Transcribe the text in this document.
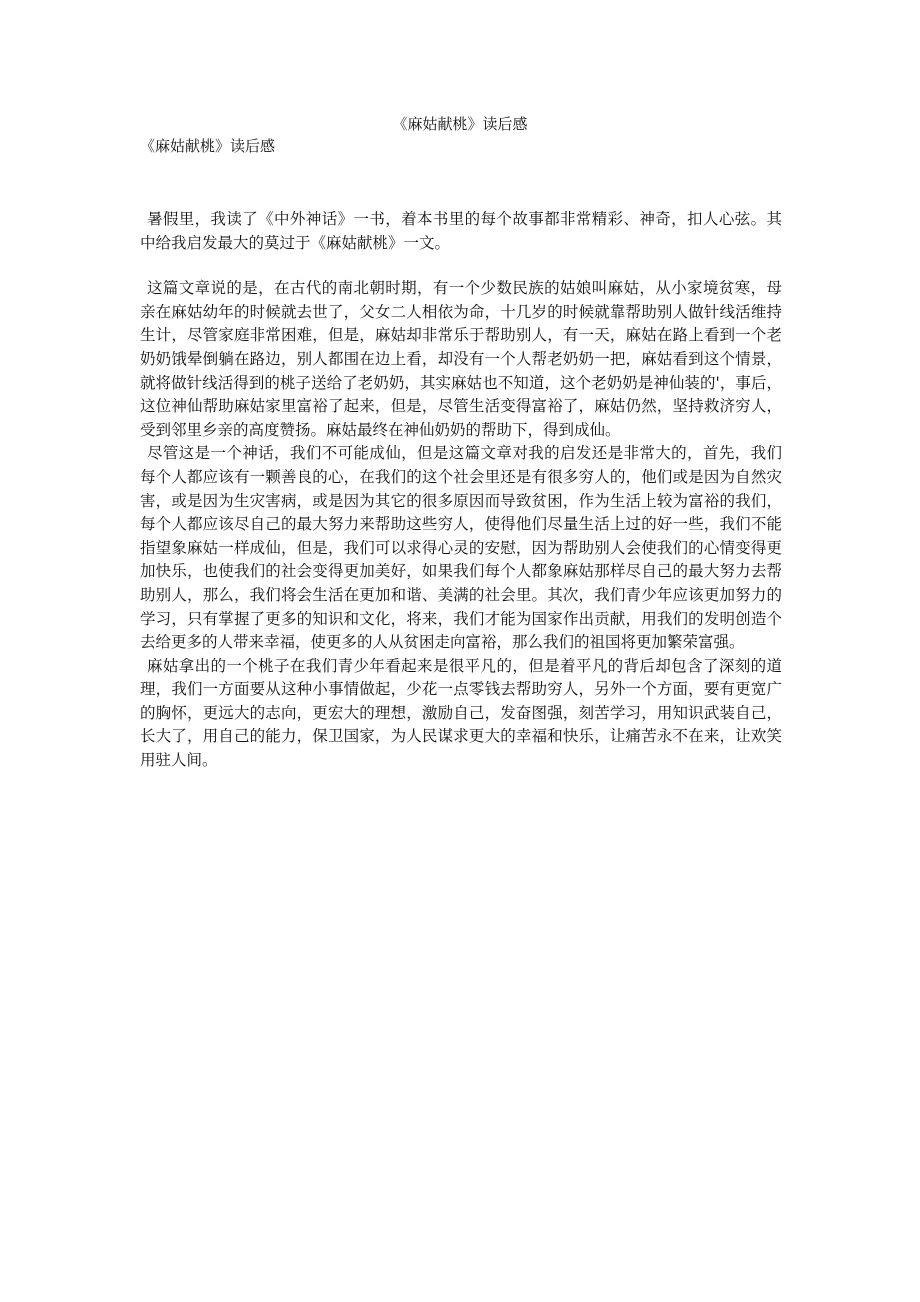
《麻姑献桃》读后感
《麻姑献桃》读后感

暑假里，我读了《中外神话》一书，着本书里的每个故事都非常精彩、神奇，扣人心弦。其中给我启发最大的莫过于《麻姑献桃》一文。

这篇文章说的是，在古代的南北朝时期，有一个少数民族的姑娘叫麻姑，从小家境贫寒，母亲在麻姑幼年的时候就去世了，父女二人相依为命，十几岁的时候就靠帮助别人做针线活维持生计，尽管家庭非常困难，但是，麻姑却非常乐于帮助别人，有一天，麻姑在路上看到一个老奶奶饿晕倒躺在路边，别人都围在边上看，却没有一个人帮老奶奶一把，麻姑看到这个情景，就将做针线活得到的桃子送给了老奶奶，其实麻姑也不知道，这个老奶奶是神仙装的'，事后，这位神仙帮助麻姑家里富裕了起来，但是，尽管生活变得富裕了，麻姑仍然，坚持救济穷人，受到邻里乡亲的高度赞扬。麻姑最终在神仙奶奶的帮助下，得到成仙。

尽管这是一个神话，我们不可能成仙，但是这篇文章对我的启发还是非常大的，首先，我们每个人都应该有一颗善良的心，在我们的这个社会里还是有很多穷人的，他们或是因为自然灾害，或是因为生灾害病，或是因为其它的很多原因而导致贫困，作为生活上较为富裕的我们，每个人都应该尽自己的最大努力来帮助这些穷人，使得他们尽量生活上过的好一些，我们不能指望象麻姑一样成仙，但是，我们可以求得心灵的安慰，因为帮助别人会使我们的心情变得更加快乐，也使我们的社会变得更加美好，如果我们每个人都象麻姑那样尽自己的最大努力去帮助别人，那么，我们将会生活在更加和谐、美满的社会里。其次，我们青少年应该更加努力的学习，只有掌握了更多的知识和文化，将来，我们才能为国家作出贡献，用我们的发明创造个去给更多的人带来幸福，使更多的人从贫困走向富裕，那么我们的祖国将更加繁荣富强。

麻姑拿出的一个桃子在我们青少年看起来是很平凡的，但是着平凡的背后却包含了深刻的道理，我们一方面要从这种小事情做起，少花一点零钱去帮助穷人，另外一个方面，要有更宽广的胸怀，更远大的志向，更宏大的理想，激励自己，发奋图强，刻苦学习，用知识武装自己，长大了，用自己的能力，保卫国家，为人民谋求更大的幸福和快乐，让痛苦永不在来，让欢笑用驻人间。
